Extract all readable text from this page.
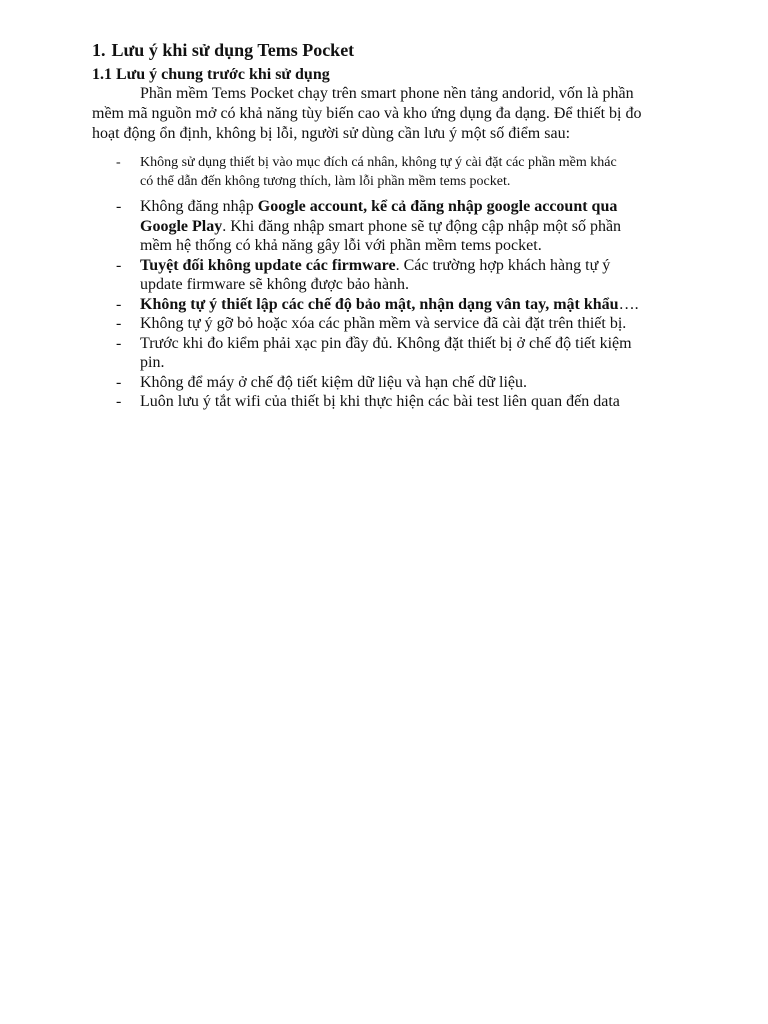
1. Lưu ý khi sử dụng Tems Pocket
1.1 Lưu ý chung trước khi sử dụng

Phần mềm Tems Pocket chạy trên smart phone nền tảng andorid, vốn là phần
mềm mã nguồn mở có khả năng tùy biến cao và kho ứng dụng đa dạng. Để thiết bị đo
hoạt động ổn định, không bị lỗi, người sử dùng cần lưu ý một số điểm sau:

- Không sử dụng thiết bị vào mục đích cá nhân, không tự ý cài đặt các phần mềm khác
có thể dẫn đến không tương thích, làm lỗi phần mềm tems pocket.
- Không đăng nhập Google account, kể cả đăng nhập google account qua
Google Play. Khi đăng nhập smart phone sẽ tự động cập nhập một số phần
mềm hệ thống có khả năng gây lỗi với phần mềm tems pocket.
- Tuyệt đối không update các firmware. Các trường hợp khách hàng tự ý
update firmware sẽ không được bảo hành.
- Không tự ý thiết lập các chế độ bảo mật, nhận dạng vân tay, mật khẩu….
- Không tự ý gỡ bỏ hoặc xóa các phần mềm và service đã cài đặt trên thiết bị.
- Trước khi đo kiểm phải xạc pin đầy đủ. Không đặt thiết bị ở chế độ tiết kiệm
pin.
- Không để máy ở chế độ tiết kiệm dữ liệu và hạn chế dữ liệu.
- Luôn lưu ý tắt wifi của thiết bị khi thực hiện các bài test liên quan đến data
